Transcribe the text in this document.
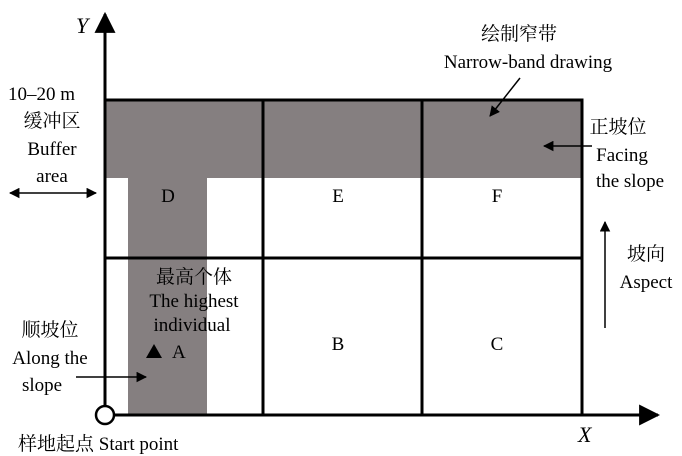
Y
X
样地起点 Start point
D	E	F
B	C
最高个体
The highest
individual
A
绘制窄带
Narrow-band drawing
10–20 m
缓冲区
Buffer
area
正坡位
Facing
the slope
坡向
Aspect
顺坡位
Along the
slope
